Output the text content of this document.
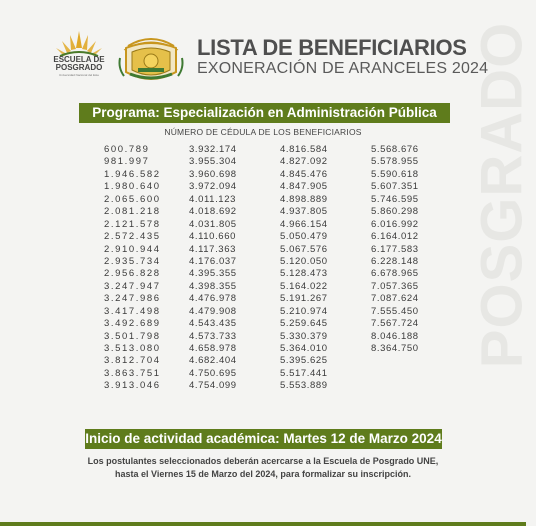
POSGRADO
ESCUELA DE
POSGRADO
Universidad Nacional del Este
LISTA DE BENEFICIARIOS
EXONERACIÓN DE ARANCELES 2024
Programa: Especialización en Administración Pública
NÚMERO DE CÉDULA DE LOS BENEFICIARIOS
600.789
981.997
1.946.582
1.980.640
2.065.600
2.081.218
2.121.578
2.572.435
2.910.944
2.935.734
2.956.828
3.247.947
3.247.986
3.417.498
3.492.689
3.501.798
3.513.080
3.812.704
3.863.751
3.913.046
3.932.174
3.955.304
3.960.698
3.972.094
4.011.123
4.018.692
4.031.805
4.110.660
4.117.363
4.176.037
4.395.355
4.398.355
4.476.978
4.479.908
4.543.435
4.573.733
4.658.978
4.682.404
4.750.695
4.754.099
4.816.584
4.827.092
4.845.476
4.847.905
4.898.889
4.937.805
4.966.154
5.050.479
5.067.576
5.120.050
5.128.473
5.164.022
5.191.267
5.210.974
5.259.645
5.330.379
5.364.010
5.395.625
5.517.441
5.553.889
5.568.676
5.578.955
5.590.618
5.607.351
5.746.595
5.860.298
6.016.992
6.164.012
6.177.583
6.228.148
6.678.965
7.057.365
7.087.624
7.555.450
7.567.724
8.046.188
8.364.750
Inicio de actividad académica: Martes 12 de Marzo 2024
Los postulantes seleccionados deberán acercarse a la Escuela de Posgrado UNE,
hasta el Viernes 15 de Marzo del 2024, para formalizar su inscripción.
